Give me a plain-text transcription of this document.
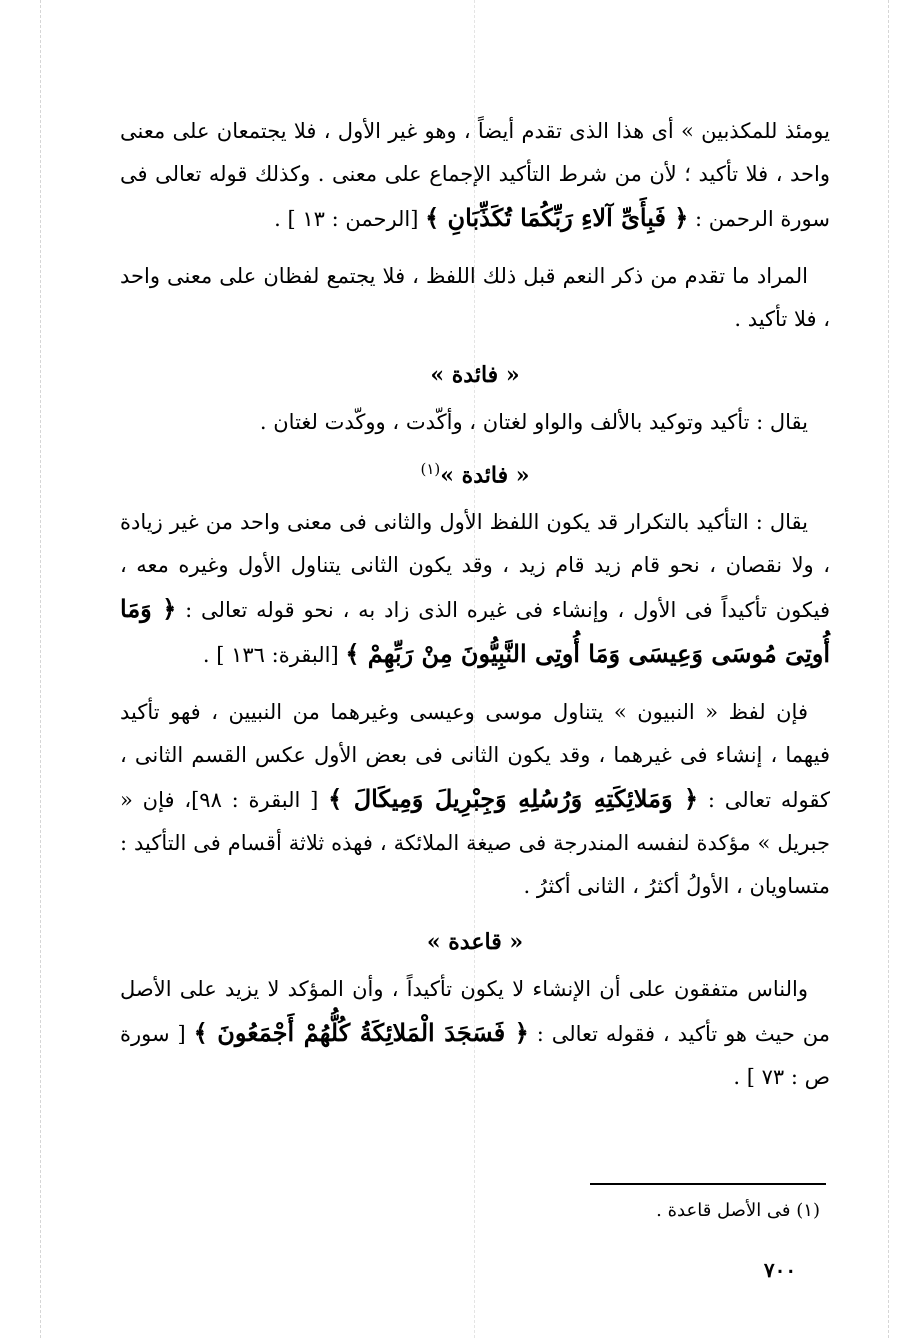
يومئذ للمكذبين » أى هذا الذى تقدم أيضاً ، وهو غير الأول ، فلا يجتمعان على معنى واحد ، فلا تأكيد ؛ لأن من شرط التأكيد الإجماع على معنى . وكذلك قوله تعالى فى سورة الرحمن : ﴿ فَبِأَىِّ آلاءِ رَبِّكُمَا تُكَذِّبَانِ ﴾ [الرحمن : ١٣ ] .

المراد ما تقدم من ذكر النعم قبل ذلك اللفظ ، فلا يجتمع لفظان على معنى واحد ، فلا تأكيد .

« فائدة »

يقال : تأكيد وتوكيد بالألف والواو لغتان ، وأكّدت ، ووكّدت لغتان .

« فائدة »$^{(١)}$

يقال : التأكيد بالتكرار قد يكون اللفظ الأول والثانى فى معنى واحد من غير زيادة ، ولا نقصان ، نحو قام زيد قام زيد ، وقد يكون الثانى يتناول الأول وغيره معه ، فيكون تأكيداً فى الأول ، وإنشاء فى غيره الذى زاد به ، نحو قوله تعالى : ﴿ وَمَا أُوتِىَ مُوسَى وَعِيسَى وَمَا أُوتِى النَّبِيُّونَ مِنْ رَبِّهِمْ ﴾ [البقرة: ١٣٦ ] .

فإن لفظ « النبيون » يتناول موسى وعيسى وغيرهما من النبيين ، فهو تأكيد فيهما ، إنشاء فى غيرهما ، وقد يكون الثانى فى بعض الأول عكس القسم الثانى ، كقوله تعالى : ﴿ وَمَلائِكَتِهِ وَرُسُلِهِ وَجِبْرِيلَ وَمِيكَالَ ﴾ [ البقرة : ٩٨]، فإن « جبريل » مؤكدة لنفسه المندرجة فى صيغة الملائكة ، فهذه ثلاثة أقسام فى التأكيد : متساويان ، الأولُ أكثرُ ، الثانى أكثرُ .

« قاعدة »

والناس متفقون على أن الإنشاء لا يكون تأكيداً ، وأن المؤكد لا يزيد على الأصل من حيث هو تأكيد ، فقوله تعالى : ﴿ فَسَجَدَ الْمَلائِكَةُ كُلُّهُمْ أَجْمَعُونَ ﴾ [ سورة ص : ٧٣ ] .

(١) فى الأصل قاعدة .
٧٠٠
